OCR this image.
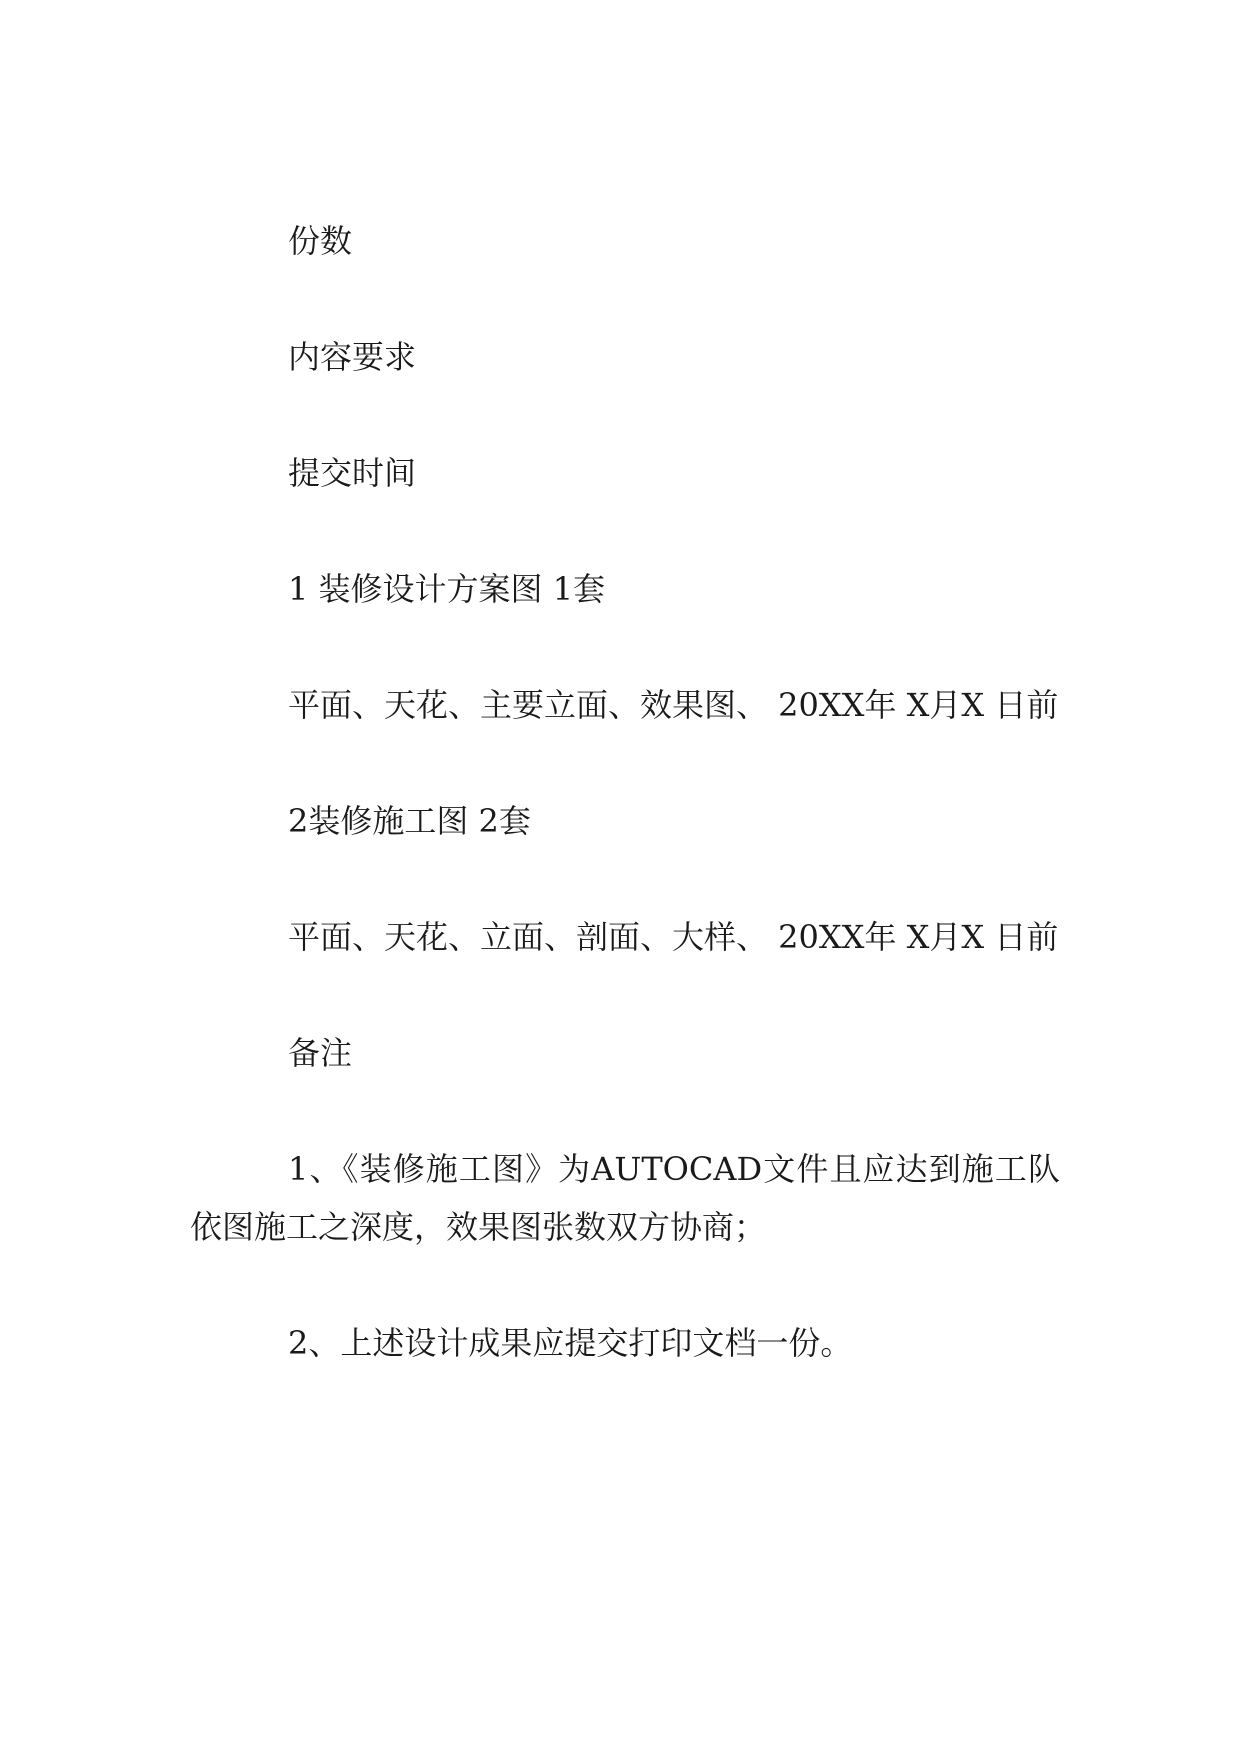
份数

内容要求

提交时间

1 装修设计方案图 1套

平面、天花、主要立面、效果图、 20XX年 X月X 日前

2装修施工图 2套

平面、天花、立面、剖面、大样、 20XX年 X月X 日前

备注

1、《装修施工图》为AUTOCAD文件且应达到施工队依图施工之深度，效果图张数双方协商；

2、上述设计成果应提交打印文档一份。
